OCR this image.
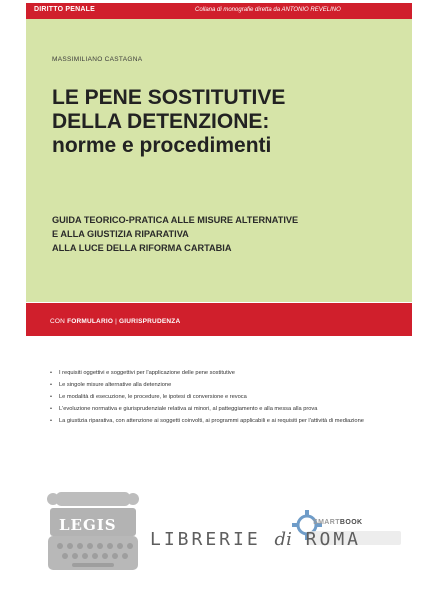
DIRITTO PENALE	Collana di monografie diretta da ANTONIO REVELINO
MASSIMILIANO CASTAGNA
LE PENE SOSTITUTIVE
DELLA DETENZIONE:
norme e procedimenti
GUIDA TEORICO-PRATICA ALLE MISURE ALTERNATIVE
E ALLA GIUSTIZIA RIPARATIVA
ALLA LUCE DELLA RIFORMA CARTABIA
CON FORMULARIO | GIURISPRUDENZA
• I requisiti oggettivi e soggettivi per l'applicazione delle pene sostitutive
• Le singole misure alternative alla detenzione
• Le modalità di esecuzione, le procedure, le ipotesi di conversione e revoca
• L'evoluzione normativa e giurisprudenziale relativa ai minori, al patteggiamento e alla messa alla prova
• La giustizia riparativa, con attenzione ai soggetti coinvolti, ai programmi applicabili e ai requisiti per l'attività di mediazione
LEGIS	SMARTBOOK
LIBRERIE di ROMA
